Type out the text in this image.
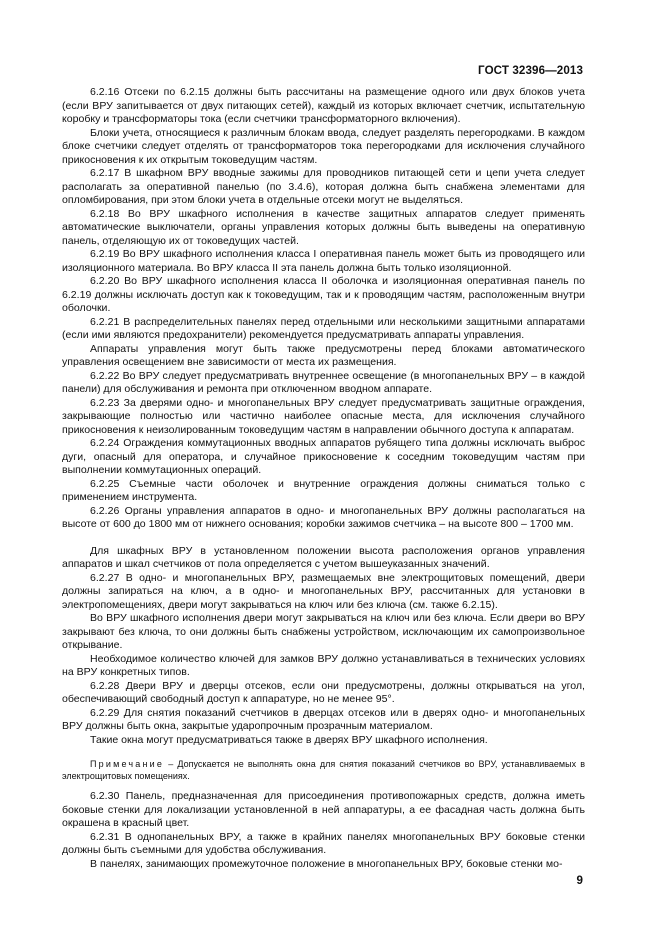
ГОСТ 32396—2013

6.2.16 Отсеки по 6.2.15 должны быть рассчитаны на размещение одного или двух блоков учета (если ВРУ запитывается от двух питающих сетей), каждый из которых включает счетчик, испытательную коробку и трансформаторы тока (если счетчики трансформаторного включения).

Блоки учета, относящиеся к различным блокам ввода, следует разделять перегородками. В каждом блоке счетчики следует отделять от трансформаторов тока перегородками для исключения случайного прикосновения к их открытым токоведущим частям.

6.2.17 В шкафном ВРУ вводные зажимы для проводников питающей сети и цепи учета следует располагать за оперативной панелью (по 3.4.6), которая должна быть снабжена элементами для опломбирования, при этом блоки учета в отдельные отсеки могут не выделяться.

6.2.18 Во ВРУ шкафного исполнения в качестве защитных аппаратов следует применять автоматические выключатели, органы управления которых должны быть выведены на оперативную панель, отделяющую их от токоведущих частей.

6.2.19 Во ВРУ шкафного исполнения класса I оперативная панель может быть из проводящего или изоляционного материала. Во ВРУ класса II эта панель должна быть только изоляционной.

6.2.20 Во ВРУ шкафного исполнения класса II оболочка и изоляционная оперативная панель по 6.2.19 должны исключать доступ как к токоведущим, так и к проводящим частям, расположенным внутри оболочки.

6.2.21 В распределительных панелях перед отдельными или несколькими защитными аппаратами (если ими являются предохранители) рекомендуется предусматривать аппараты управления.

Аппараты управления могут быть также предусмотрены перед блоками автоматического управления освещением вне зависимости от места их размещения.

6.2.22 Во ВРУ следует предусматривать внутреннее освещение (в многопанельных ВРУ – в каждой панели) для обслуживания и ремонта при отключенном вводном аппарате.

6.2.23 За дверями одно- и многопанельных ВРУ следует предусматривать защитные ограждения, закрывающие полностью или частично наиболее опасные места, для исключения случайного прикосновения к неизолированным токоведущим частям в направлении обычного доступа к аппаратам.

6.2.24 Ограждения коммутационных вводных аппаратов рубящего типа должны исключать выброс дуги, опасный для оператора, и случайное прикосновение к соседним токоведущим частям при выполнении коммутационных операций.

6.2.25 Съемные части оболочек и внутренние ограждения должны сниматься только с применением инструмента.

6.2.26 Органы управления аппаратов в одно- и многопанельных ВРУ должны располагаться на высоте от 600 до 1800 мм от нижнего основания; коробки зажимов счетчика – на высоте 800 – 1700 мм.

Для шкафных ВРУ в установленном положении высота расположения органов управления аппаратов и шкал счетчиков от пола определяется с учетом вышеуказанных значений.

6.2.27 В одно- и многопанельных ВРУ, размещаемых вне электрощитовых помещений, двери должны запираться на ключ, а в одно- и многопанельных ВРУ, рассчитанных для установки в электропомещениях, двери могут закрываться на ключ или без ключа (см. также 6.2.15).

Во ВРУ шкафного исполнения двери могут закрываться на ключ или без ключа. Если двери во ВРУ закрывают без ключа, то они должны быть снабжены устройством, исключающим их самопроизвольное открывание.

Необходимое количество ключей для замков ВРУ должно устанавливаться в технических условиях на ВРУ конкретных типов.

6.2.28 Двери ВРУ и дверцы отсеков, если они предусмотрены, должны открываться на угол, обеспечивающий свободный доступ к аппаратуре, но не менее 95°.

6.2.29 Для снятия показаний счетчиков в дверцах отсеков или в дверях одно- и многопанельных ВРУ должны быть окна, закрытые ударопрочным прозрачным материалом.

Такие окна могут предусматриваться также в дверях ВРУ шкафного исполнения.

Примечание – Допускается не выполнять окна для снятия показаний счетчиков во ВРУ, устанавливаемых в электрощитовых помещениях.

6.2.30 Панель, предназначенная для присоединения противопожарных средств, должна иметь боковые стенки для локализации установленной в ней аппаратуры, а ее фасадная часть должна быть окрашена в красный цвет.

6.2.31 В однопанельных ВРУ, а также в крайних панелях многопанельных ВРУ боковые стенки должны быть съемными для удобства обслуживания.

В панелях, занимающих промежуточное положение в многопанельных ВРУ, боковые стенки мо-

9
